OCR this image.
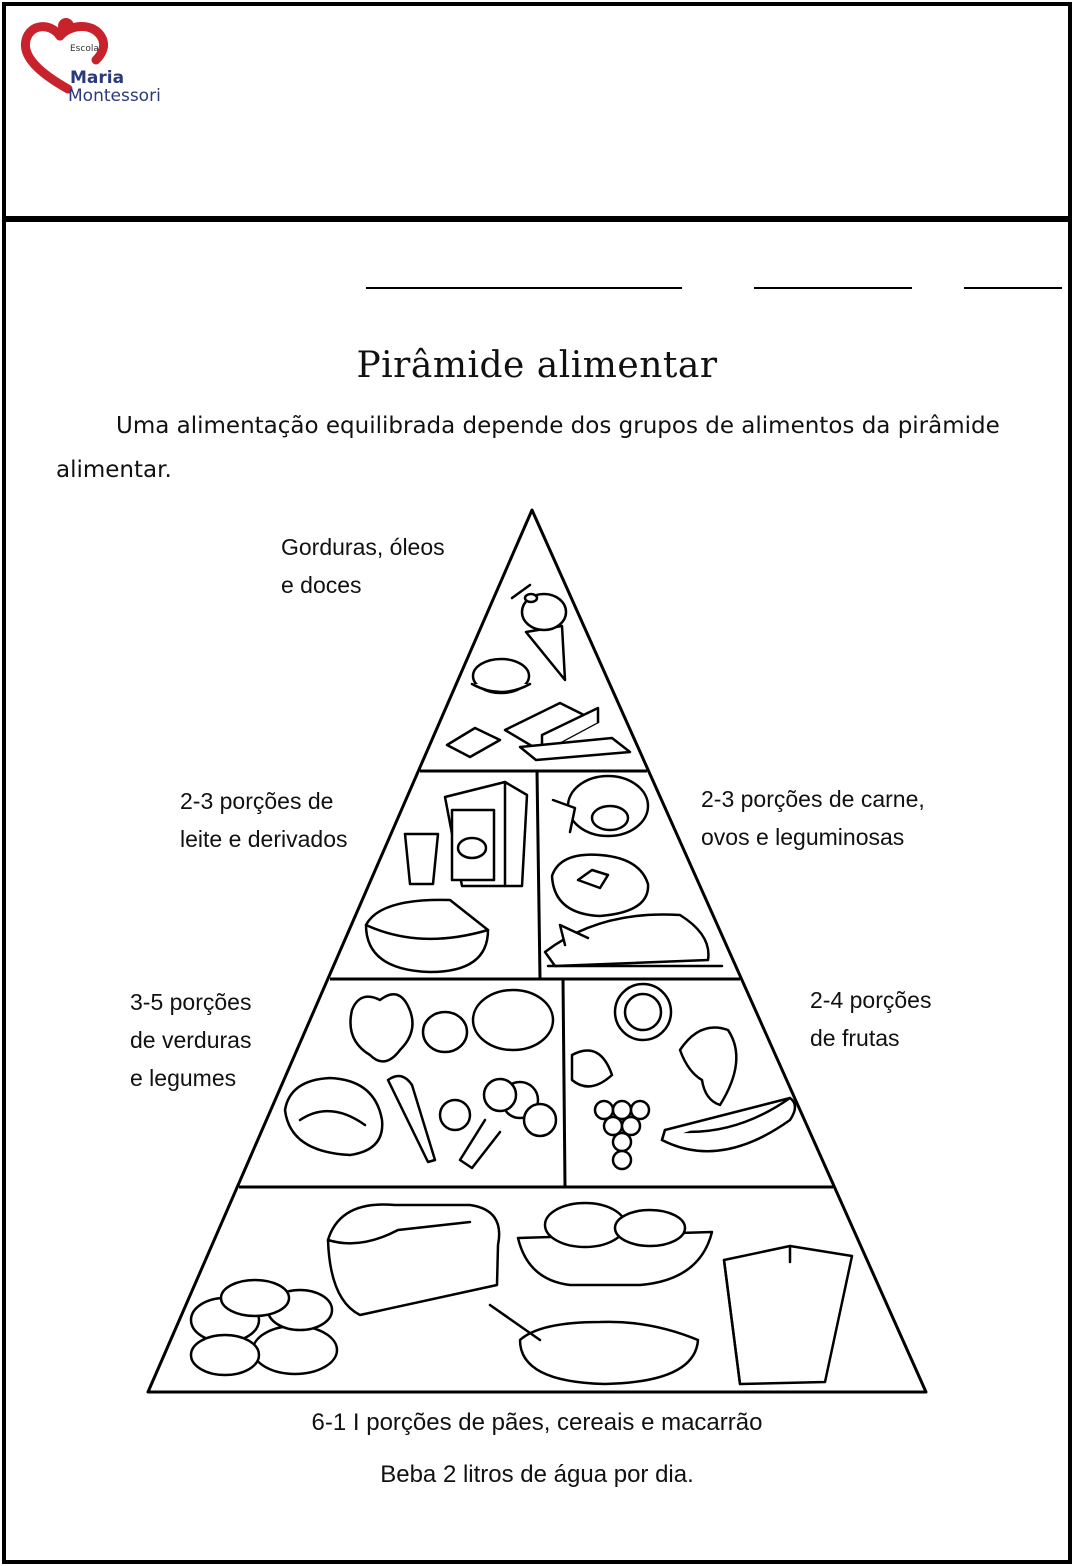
Escola
Maria
Montessori
Pirâmide alimentar
Uma alimentação equilibrada depende dos grupos de alimentos da pirâmide alimentar.
Gorduras, óleos
e doces
2-3 porções de
leite e derivados
2-3 porções de carne,
ovos e leguminosas
3-5 porções
de verduras
e legumes
2-4 porções
de frutas
6-1 I porções de pães, cereais e macarrão
Beba 2 litros de água por dia.
